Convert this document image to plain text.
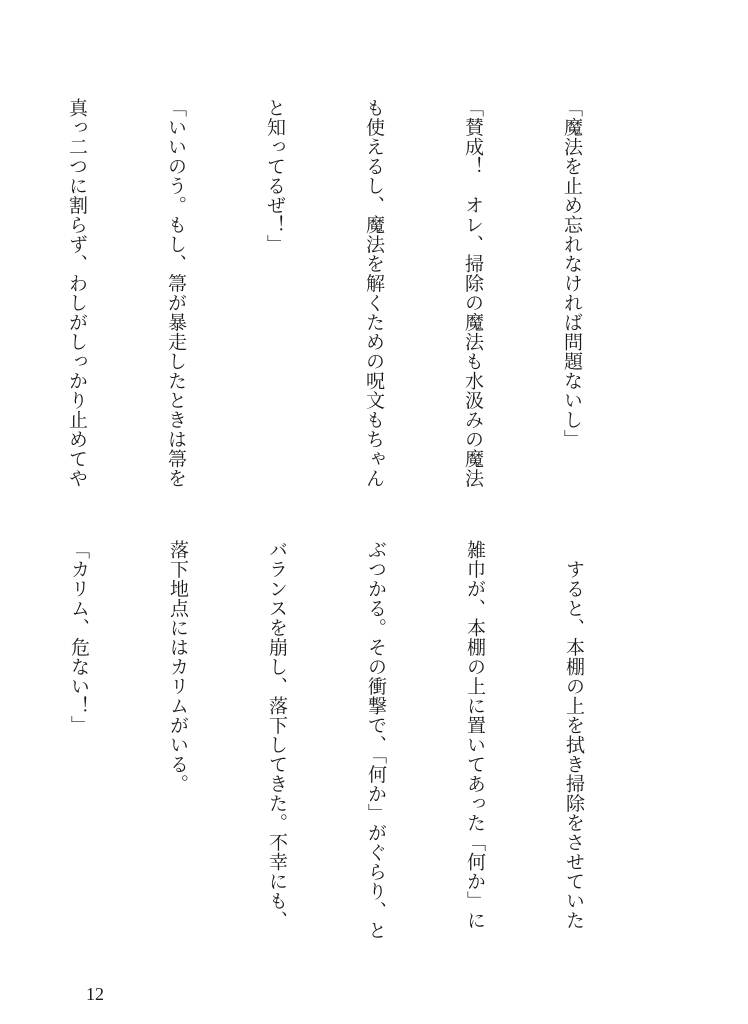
「魔法を止め忘れなければ問題ないし」

「賛成！　オレ、掃除の魔法も水汲みの魔法

も使えるし、魔法を解くための呪文もちゃん

と知ってるぜ！」

「いいのう。もし、箒が暴走したときは箒を

真っ二つに割らず、わしがしっかり止めてや

　すると、本棚の上を拭き掃除をさせていた

雑巾が、本棚の上に置いてあった「何か」に

ぶつかる。その衝撃で、「何か」がぐらり、と

バランスを崩し、落下してきた。不幸にも、

落下地点にはカリムがいる。

「カリム、危ない！」

12
